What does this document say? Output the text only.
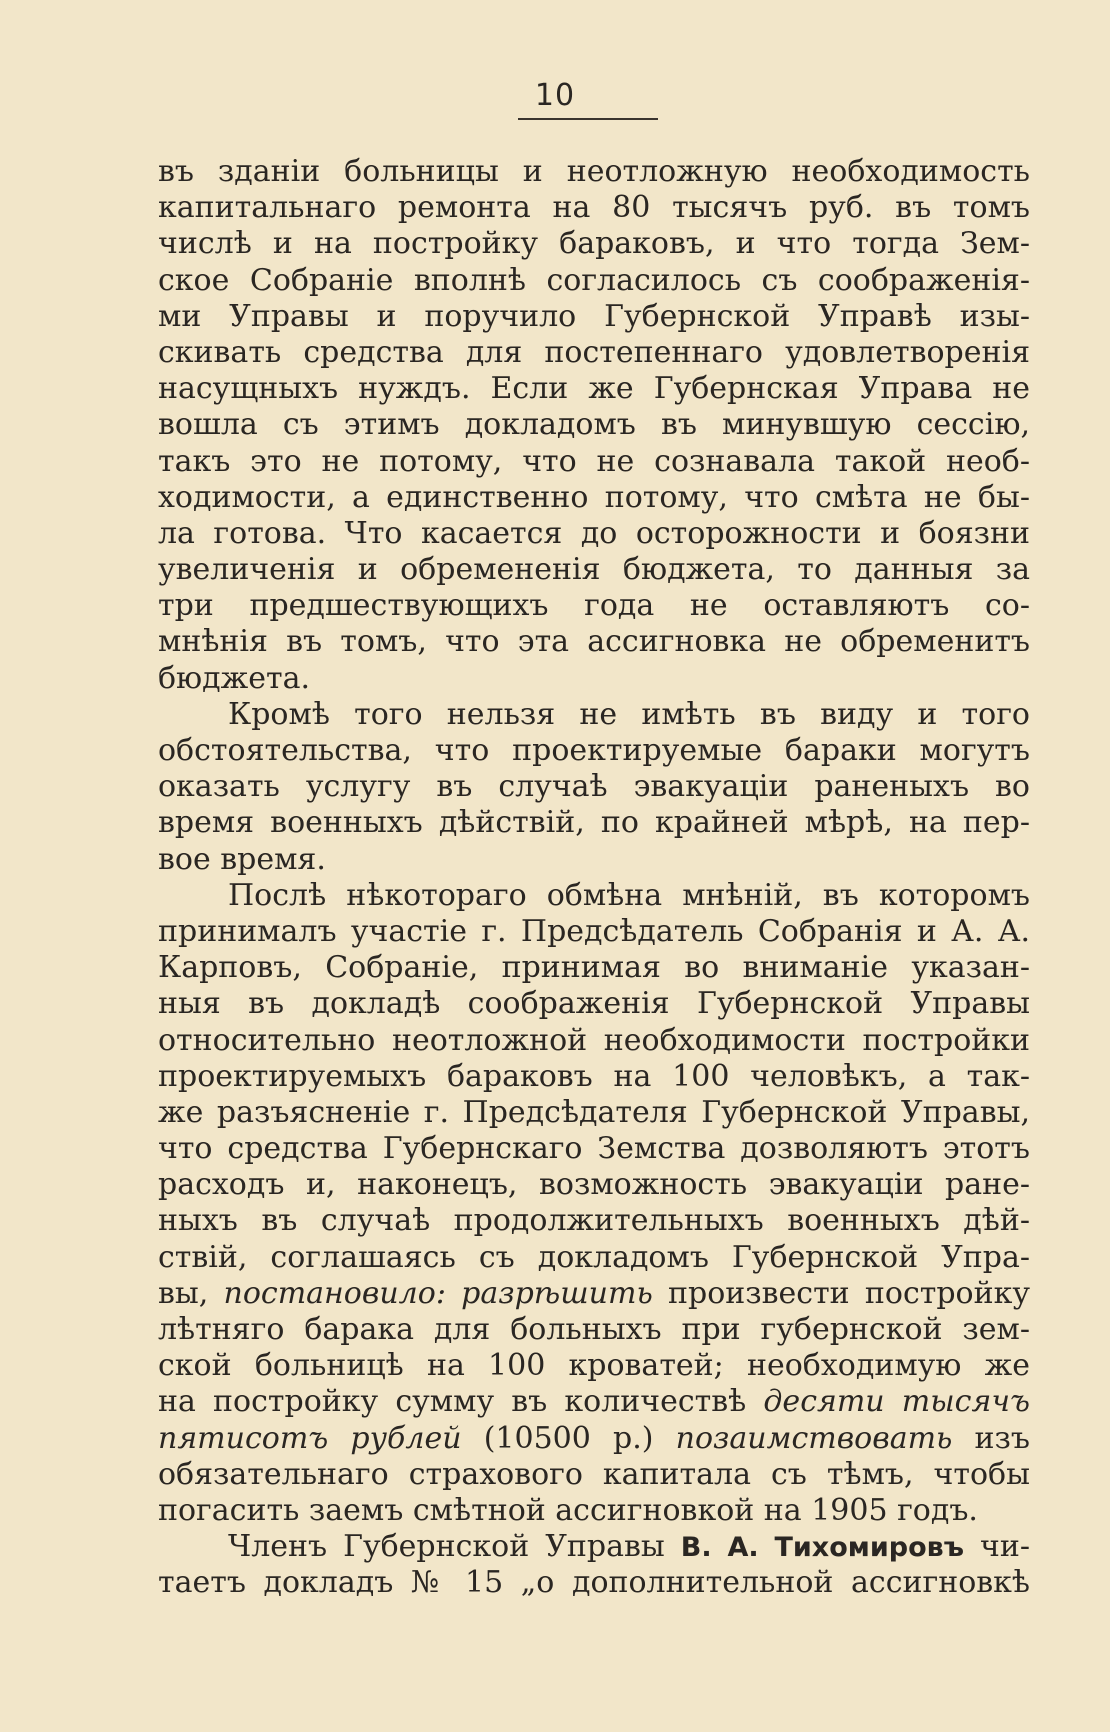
10
въ зданіи больницы и неотложную необходимость
капитальнаго ремонта на 80 тысячъ руб. въ томъ
числѣ и на постройку бараковъ, и что тогда Зем-
ское Собраніе вполнѣ согласилось съ соображенія-
ми Управы и поручило Губернской Управѣ изы-
скивать средства для постепеннаго удовлетворенія
насущныхъ нуждъ. Если же Губернская Управа не
вошла съ этимъ докладомъ въ минувшую сессію,
такъ это не потому, что не сознавала такой необ-
ходимости, а единственно потому, что смѣта не бы-
ла готова. Что касается до осторожности и боязни
увеличенія и обремененія бюджета, то данныя за
три предшествующихъ года не оставляютъ со-
мнѣнія въ томъ, что эта ассигновка не обременитъ
бюджета.
Кромѣ того нельзя не имѣть въ виду и того
обстоятельства, что проектируемые бараки могутъ
оказать услугу въ случаѣ эвакуаціи раненыхъ во
время военныхъ дѣйствій, по крайней мѣрѣ, на пер-
вое время.
Послѣ нѣкотораго обмѣна мнѣній, въ которомъ
принималъ участіе г. Предсѣдатель Собранія и А. А.
Карповъ, Собраніе, принимая во вниманіе указан-
ныя въ докладѣ соображенія Губернской Управы
относительно неотложной необходимости постройки
проектируемыхъ бараковъ на 100 человѣкъ, а так-
же разъясненіе г. Предсѣдателя Губернской Управы,
что средства Губернскаго Земства дозволяютъ этотъ
расходъ и, наконецъ, возможность эвакуаціи ране-
ныхъ въ случаѣ продолжительныхъ военныхъ дѣй-
ствій, соглашаясь съ докладомъ Губернской Упра-
вы, постановило: разрѣшить произвести постройку
лѣтняго барака для больныхъ при губернской зем-
ской больницѣ на 100 кроватей; необходимую же
на постройку сумму въ количествѣ десяти тысячъ
пятисотъ рублей (10500 р.) позаимствовать изъ
обязательнаго страхового капитала съ тѣмъ, чтобы
погасить заемъ смѣтной ассигновкой на 1905 годъ.
Членъ Губернской Управы В. А. Тихомировъ чи-
таетъ докладъ № 15 „о дополнительной ассигновкѣ
